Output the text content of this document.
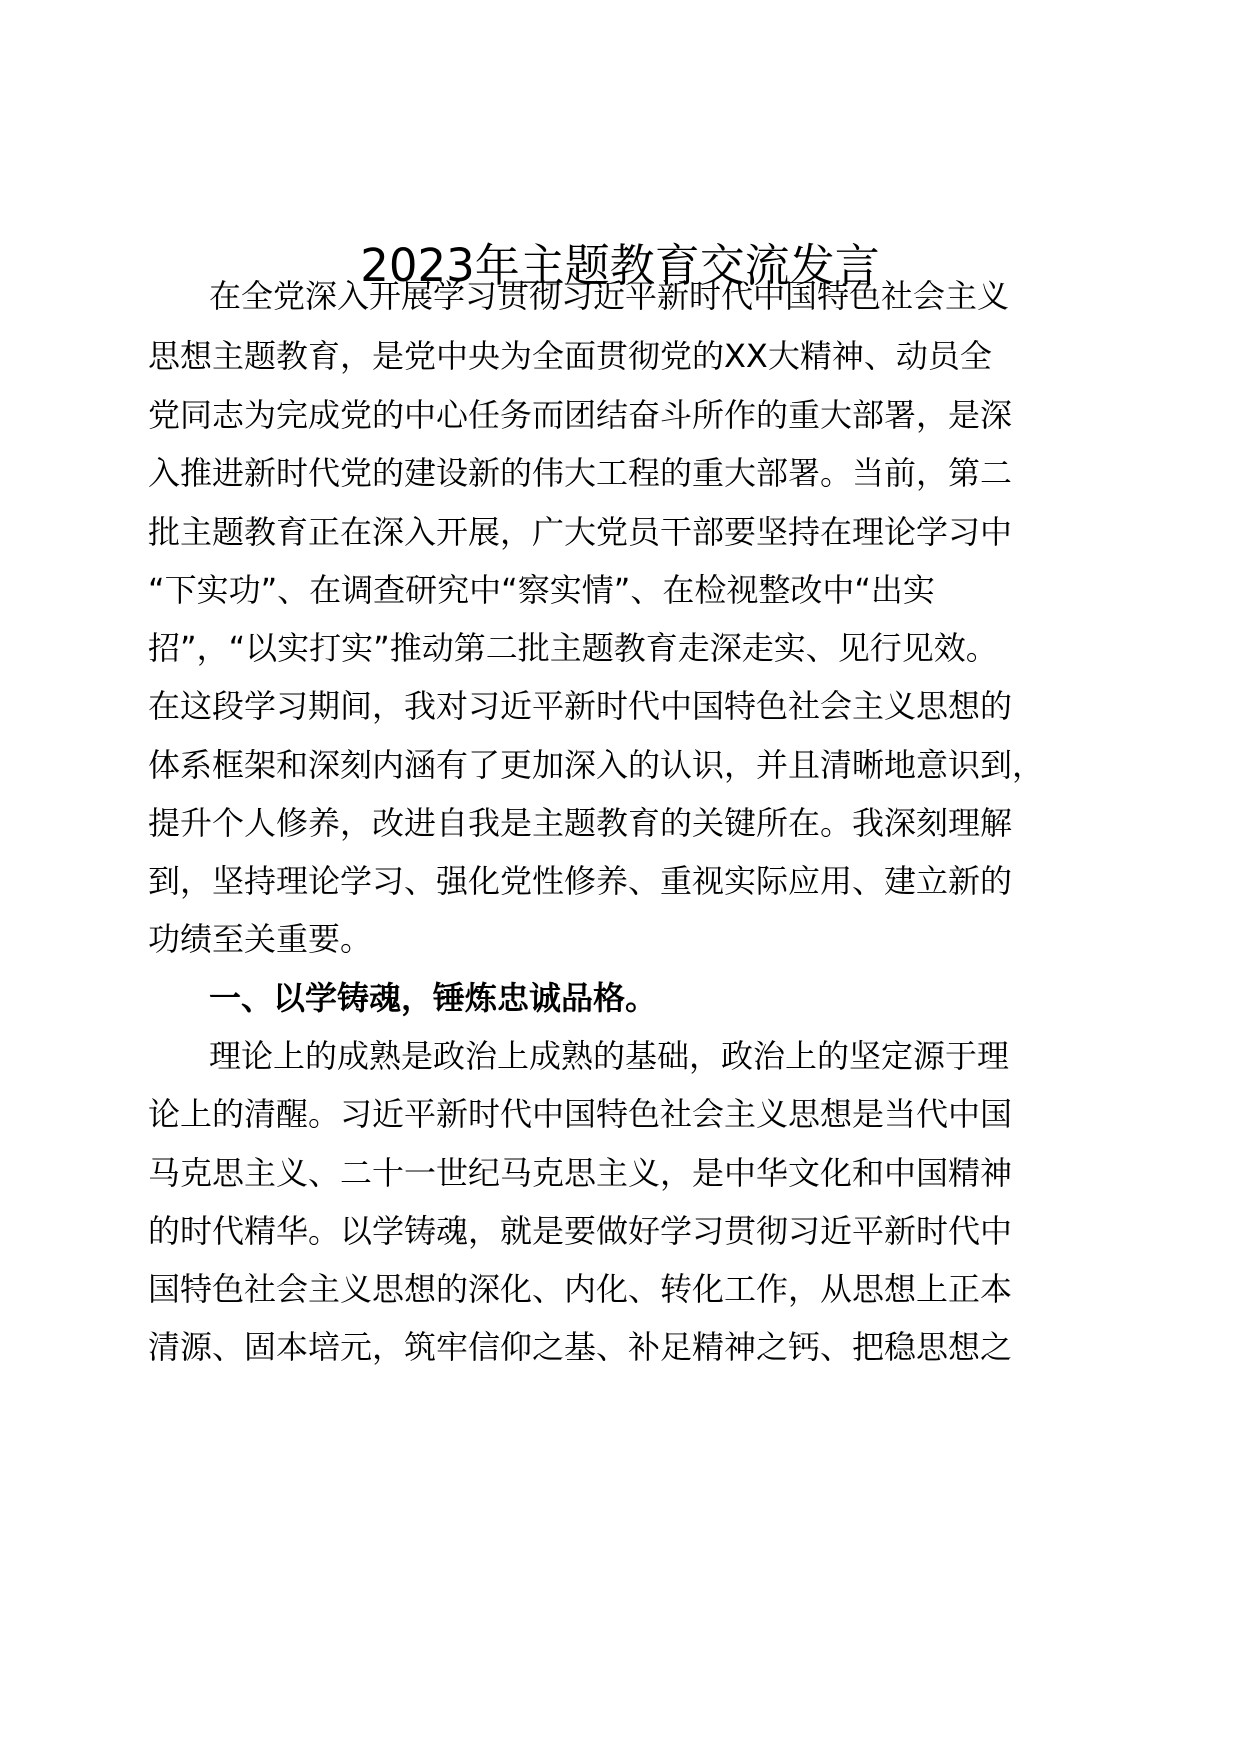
2023年主题教育交流发言
在全党深入开展学习贯彻习近平新时代中国特色社会主义
思想主题教育，是党中央为全面贯彻党的XX大精神、动员全
党同志为完成党的中心任务而团结奋斗所作的重大部署，是深
入推进新时代党的建设新的伟大工程的重大部署。当前，第二
批主题教育正在深入开展，广大党员干部要坚持在理论学习中
“下实功”、在调查研究中“察实情”、在检视整改中“出实
招”，“以实打实”推动第二批主题教育走深走实、见行见效。
在这段学习期间，我对习近平新时代中国特色社会主义思想的
体系框架和深刻内涵有了更加深入的认识，并且清晰地意识到，
提升个人修养，改进自我是主题教育的关键所在。我深刻理解
到，坚持理论学习、强化党性修养、重视实际应用、建立新的
功绩至关重要。
一、以学铸魂，锤炼忠诚品格。
理论上的成熟是政治上成熟的基础，政治上的坚定源于理
论上的清醒。习近平新时代中国特色社会主义思想是当代中国
马克思主义、二十一世纪马克思主义，是中华文化和中国精神
的时代精华。以学铸魂，就是要做好学习贯彻习近平新时代中
国特色社会主义思想的深化、内化、转化工作，从思想上正本
清源、固本培元，筑牢信仰之基、补足精神之钙、把稳思想之
